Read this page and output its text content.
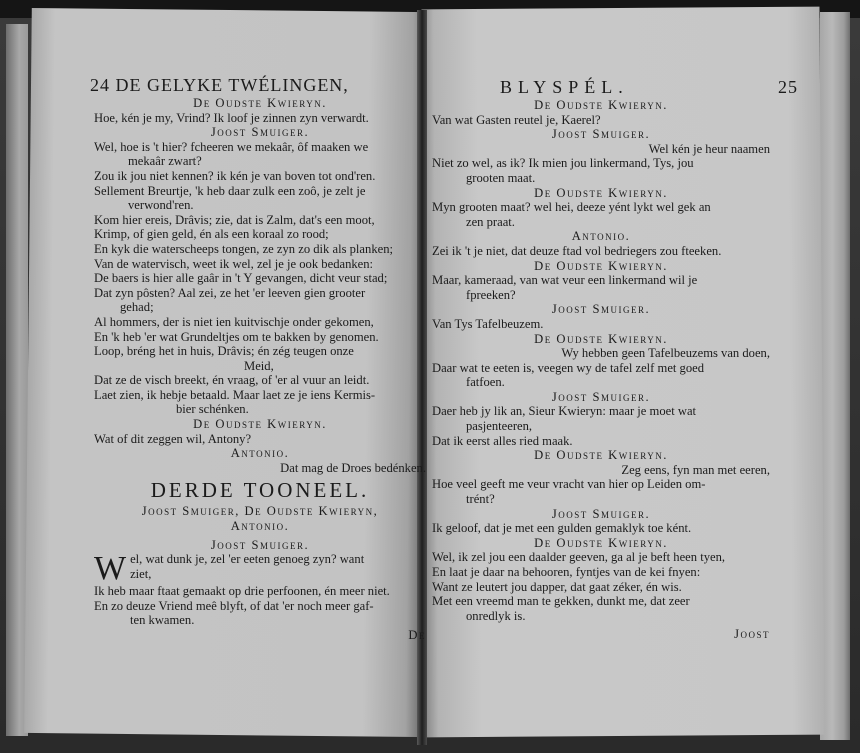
24 DE GELYKE TWÉLINGEN,
De Oudste Kwieryn.
Hoe, kén je my, Vrind? Ik loof je zinnen zyn verwardt.
Joost Smuiger.
Wel, hoe is 't hier? fcheeren we mekaâr, ôf maaken we
mekaâr zwart?
Zou ik jou niet kennen? ik kén je van boven tot ond'ren.
Sellement Breurtje, 'k heb daar zulk een zoô, je zelt je
verwond'ren.
Kom hier ereis, Drâvis; zie, dat is Zalm, dat's een moot,
Krimp, of gien geld, én als een koraal zo rood;
En kyk die waterscheeps tongen, ze zyn zo dik als planken;
Van de watervisch, weet ik wel, zel je je ook bedanken:
De baers is hier alle gaâr in 't Y gevangen, dicht veur stad;
Dat zyn pôsten? Aal zei, ze het 'er leeven gien grooter
gehad;
Al hommers, der is niet ien kuitvischje onder gekomen,
En 'k heb 'er wat Grundeltjes om te bakken by genomen.
Loop, bréng het in huis, Drâvis; én zég teugen onze
Meid,
Dat ze de visch breekt, én vraag, of 'er al vuur an leidt.
Laet zien, ik hebje betaald. Maar laet ze je iens Kermis-
bier schénken.
De Oudste Kwieryn.
Wat of dit zeggen wil, Antony?
Antonio.
Dat mag de Droes bedénken.
DERDE TOONEEL.
Joost Smuiger, De Oudste Kwieryn,
Antonio.
Joost Smuiger.
W el, wat dunk je, zel 'er eeten genoeg zyn? want
ziet,
Ik heb maar ftaat gemaakt op drie perfoonen, én meer niet.
En zo deuze Vriend meê blyft, of dat 'er noch meer gaf-
ten kwamen.
De
BLYSPÉL.	25
De Oudste Kwieryn.
Van wat Gasten reutel je, Kaerel?
Joost Smuiger.
Wel kén je heur naamen
Niet zo wel, as ik? Ik mien jou linkermand, Tys, jou
grooten maat.
De Oudste Kwieryn.
Myn grooten maat? wel hei, deeze yént lykt wel gek an
zen praat.
Antonio.
Zei ik 't je niet, dat deuze ftad vol bedriegers zou fteeken.
De Oudste Kwieryn.
Maar, kameraad, van wat veur een linkermand wil je
fpreeken?
Joost Smuiger.
Van Tys Tafelbeuzem.
De Oudste Kwieryn.
Wy hebben geen Tafelbeuzems van doen,
Daar wat te eeten is, veegen wy de tafel zelf met goed
fatfoen.
Joost Smuiger.
Daer heb jy lik an, Sieur Kwieryn: maar je moet wat
pasjenteeren,
Dat ik eerst alles ried maak.
De Oudste Kwieryn.
Zeg eens, fyn man met eeren,
Hoe veel geeft me veur vracht van hier op Leiden om-
trént?
Joost Smuiger.
Ik geloof, dat je met een gulden gemaklyk toe ként.
De Oudste Kwieryn.
Wel, ik zel jou een daalder geeven, ga al je beft heen tyen,
En laat je daar na behooren, fyntjes van de kei fnyen:
Want ze leutert jou dapper, dat gaat zéker, én wis.
Met een vreemd man te gekken, dunkt me, dat zeer
onredlyk is.
Joost
